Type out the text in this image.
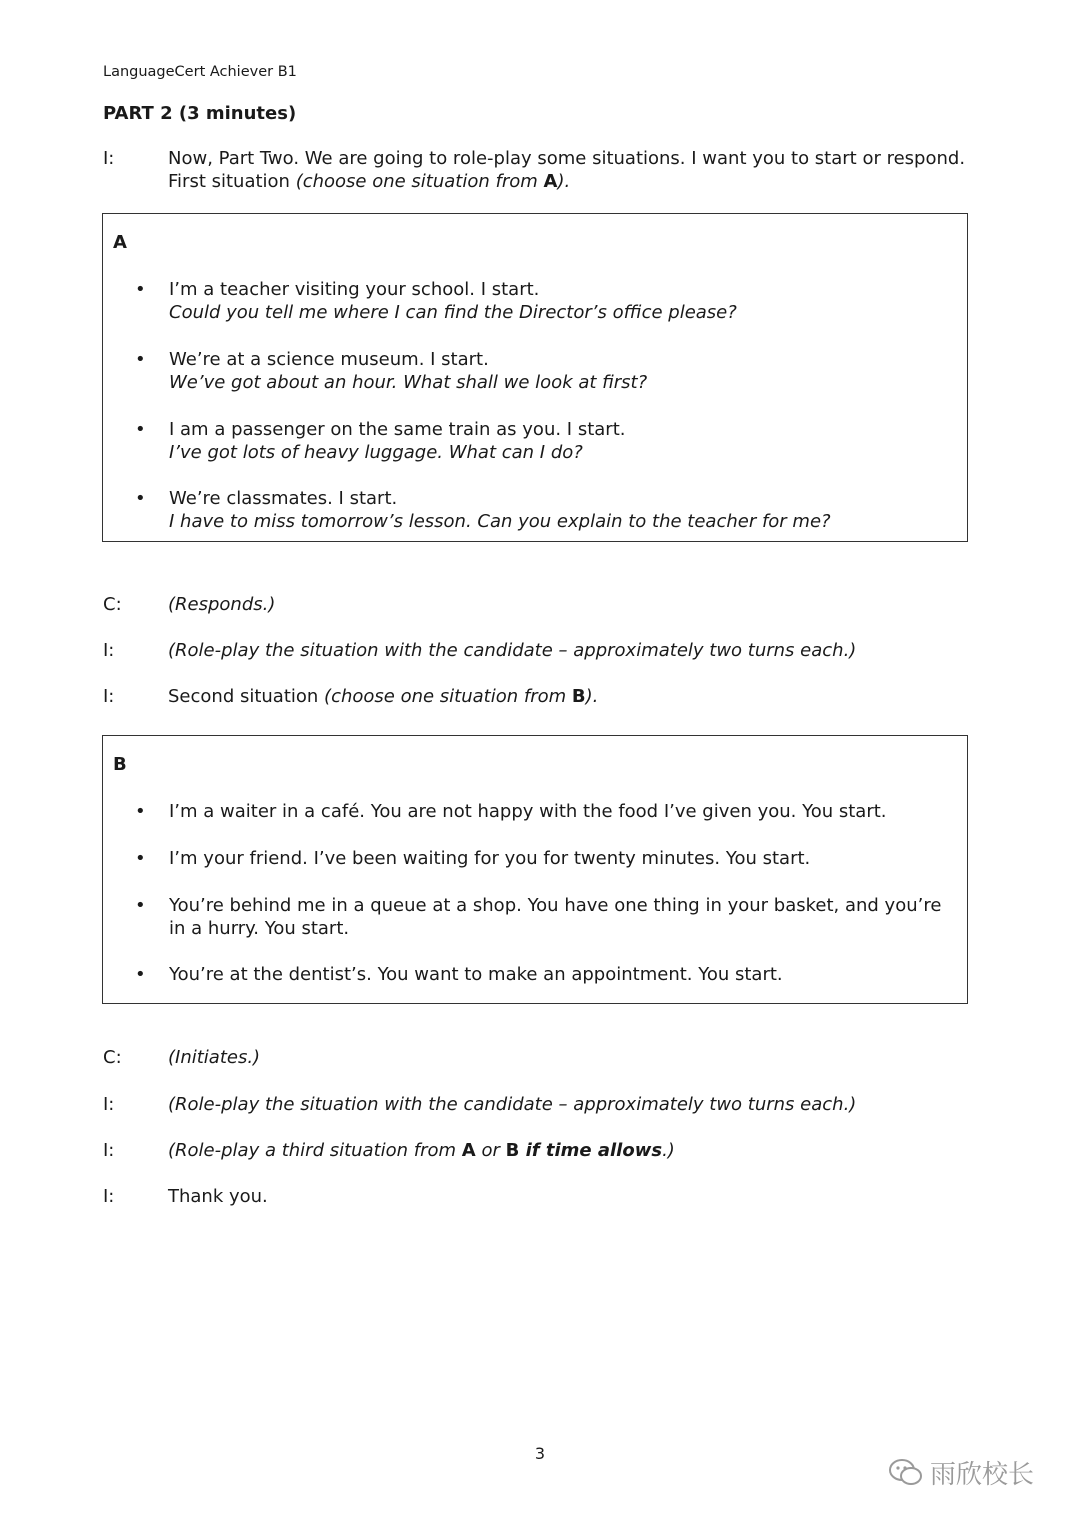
LanguageCert Achiever B1
PART 2 (3 minutes)
I:	Now, Part Two. We are going to role-play some situations. I want you to start or respond.
First situation (choose one situation from A).
A
•	I’m a teacher visiting your school. I start.
Could you tell me where I can find the Director’s office please?
•	We’re at a science museum. I start.
We’ve got about an hour. What shall we look at first?
•	I am a passenger on the same train as you. I start.
I’ve got lots of heavy luggage. What can I do?
•	We’re classmates. I start.
I have to miss tomorrow’s lesson. Can you explain to the teacher for me?
C:	(Responds.)
I:	(Role-play the situation with the candidate – approximately two turns each.)
I:	Second situation (choose one situation from B).
B
•	I’m a waiter in a café. You are not happy with the food I’ve given you. You start.
•	I’m your friend. I’ve been waiting for you for twenty minutes. You start.
•	You’re behind me in a queue at a shop. You have one thing in your basket, and you’re
in a hurry. You start.
•	You’re at the dentist’s. You want to make an appointment. You start.
C:	(Initiates.)
I:	(Role-play the situation with the candidate – approximately two turns each.)
I:	(Role-play a third situation from A or B if time allows.)
I:	Thank you.
3
雨欣校长
